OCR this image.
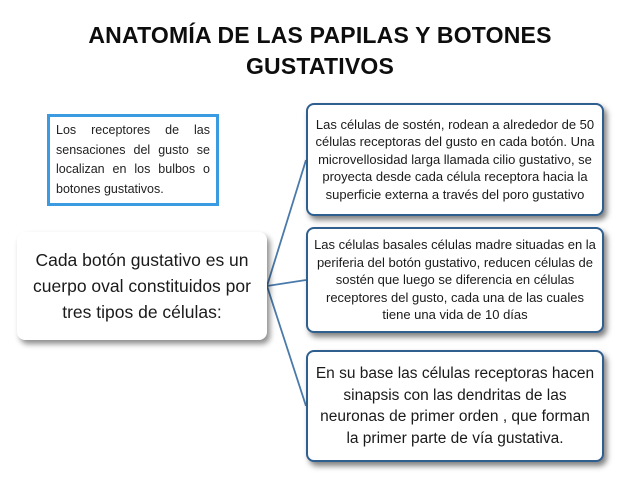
ANATOMÍA DE LAS PAPILAS Y BOTONES GUSTATIVOS
Los receptores de las sensaciones del gusto se localizan en los bulbos o botones gustativos.
Cada botón gustativo es un cuerpo oval constituidos por tres tipos de células:
Las células de sostén, rodean a alrededor de 50 células receptoras del gusto en cada botón. Una microvellosidad larga llamada cilio gustativo, se proyecta desde cada célula receptora hacia la superficie externa a través del poro gustativo
Las células basales células madre situadas en la periferia del botón gustativo, reducen células de sostén que luego se diferencia en células receptores del gusto, cada una de las cuales tiene una vida de 10 días
En su base las células receptoras hacen sinapsis con las dendritas de las neuronas de primer orden , que forman la primer parte de vía gustativa.
